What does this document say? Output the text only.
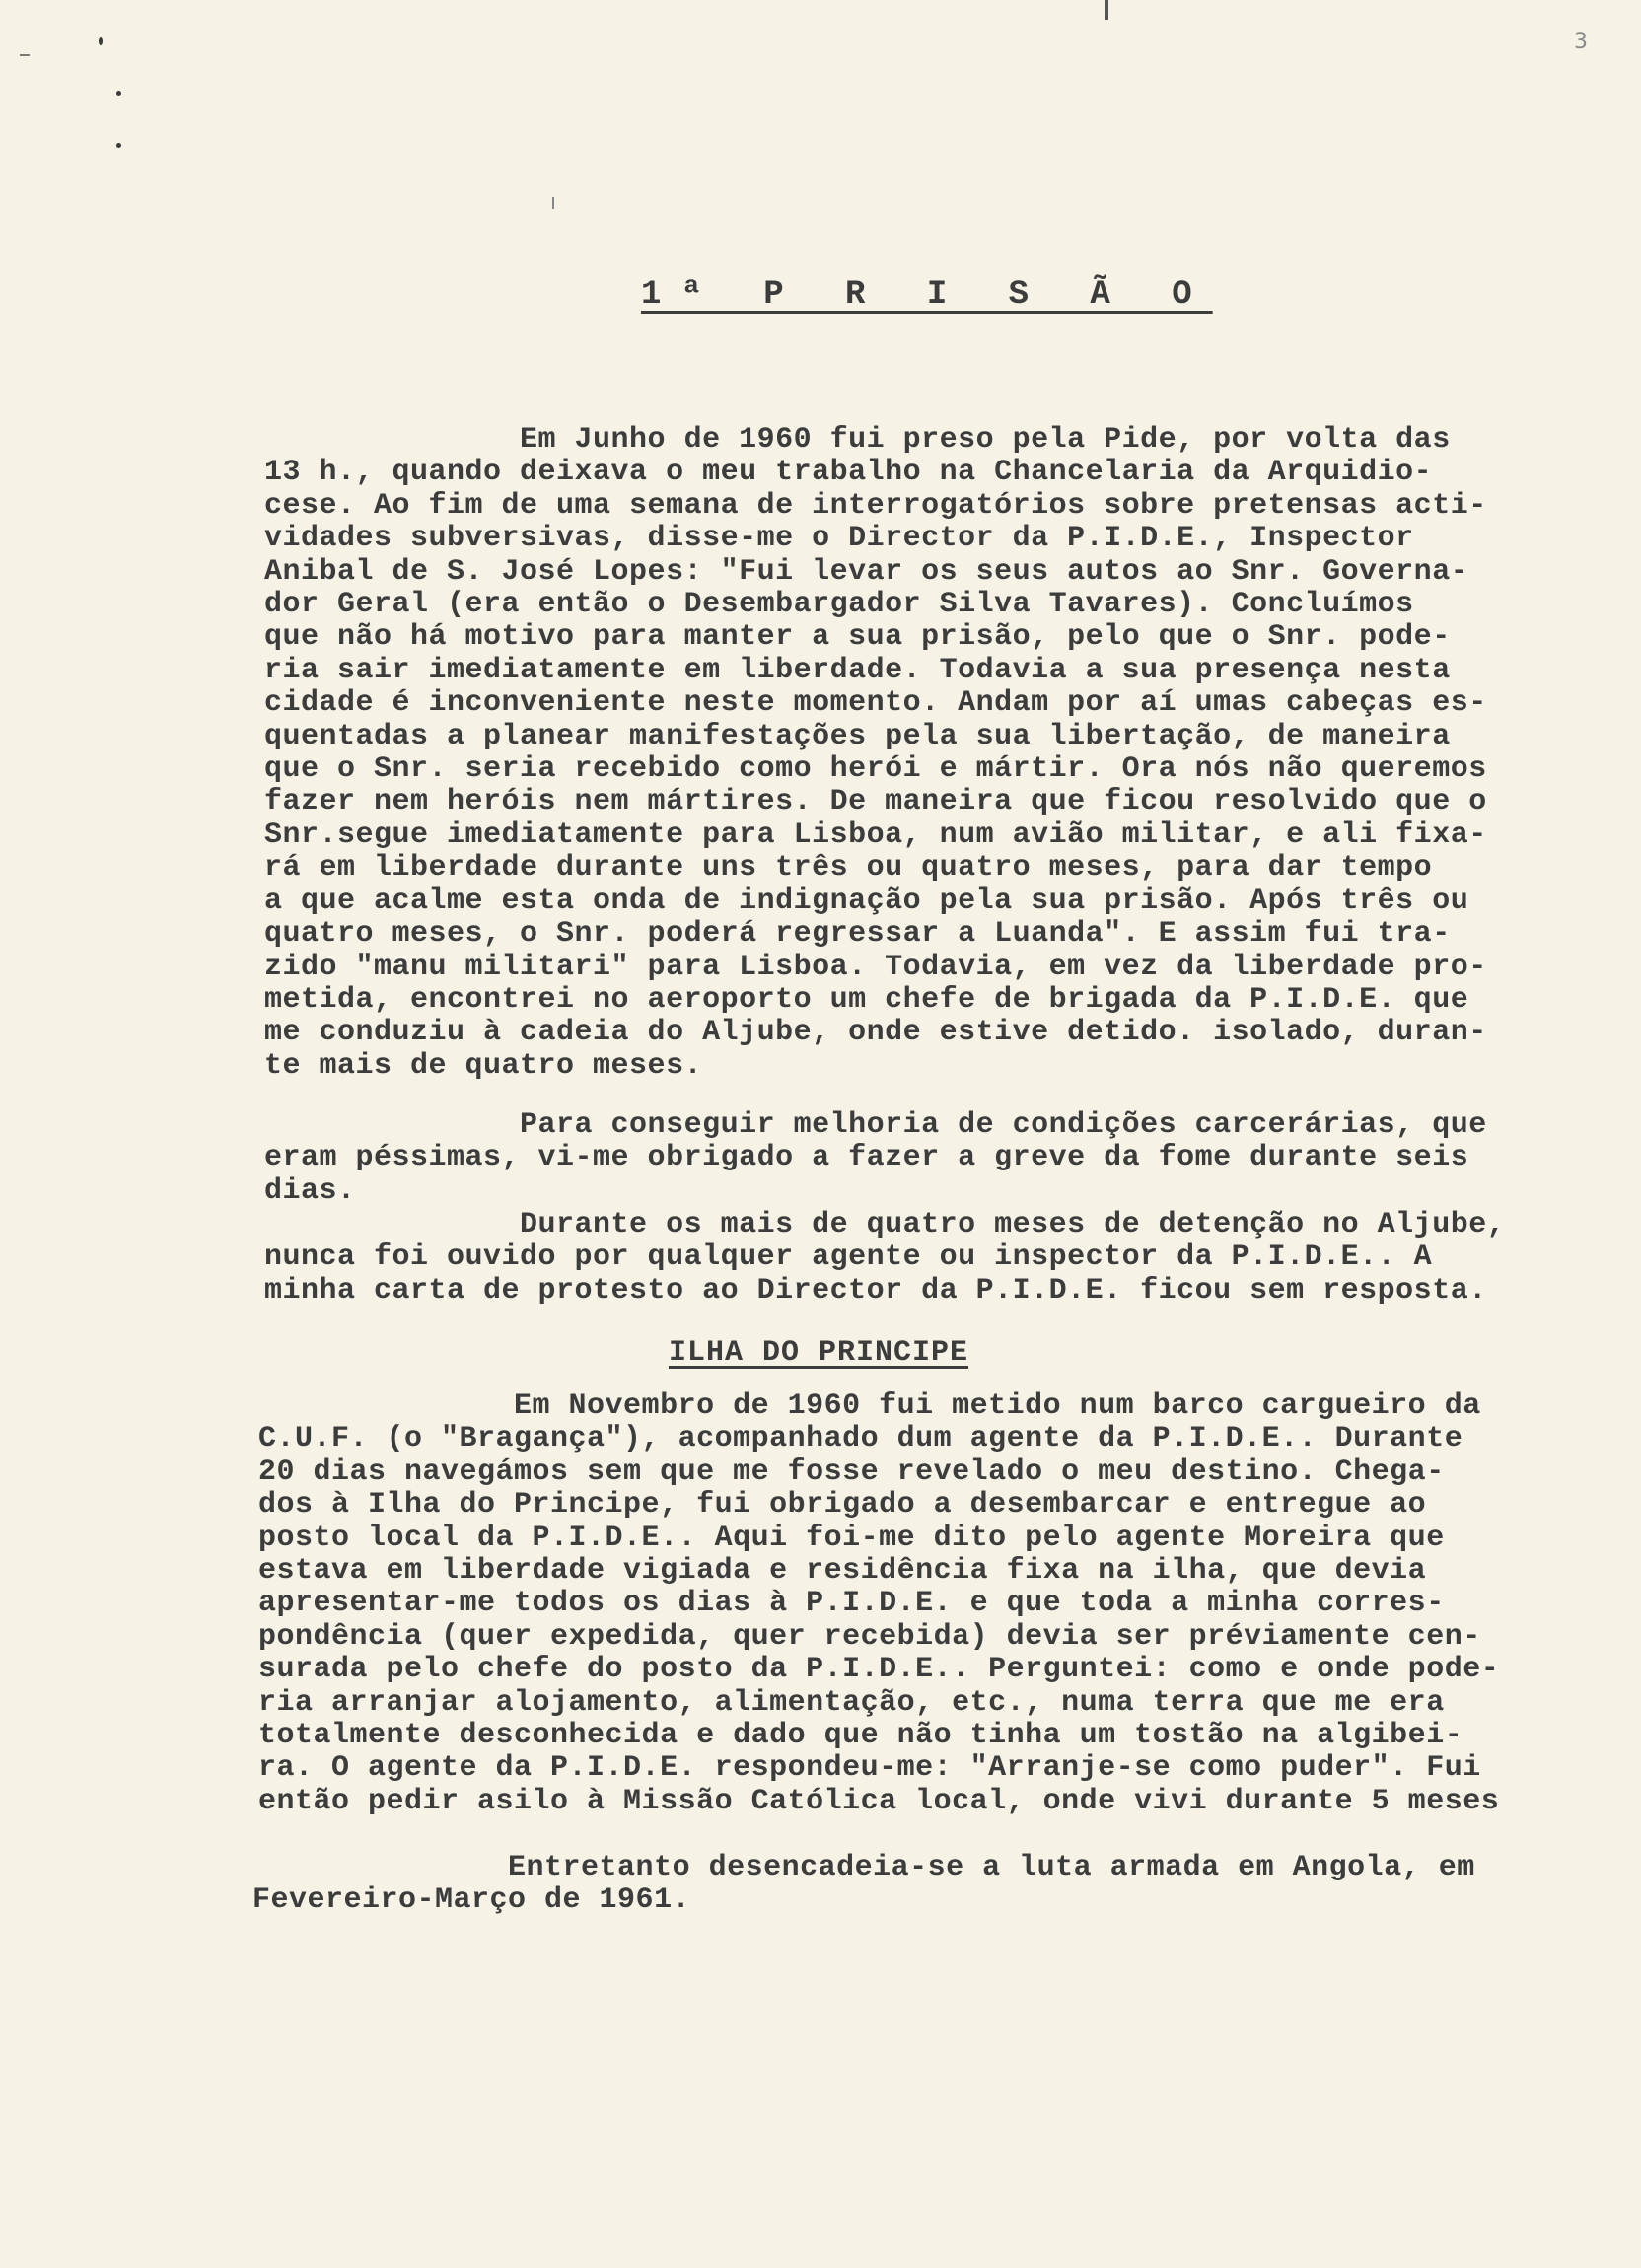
3
1ª P R I S Ã O

Em Junho de 1960 fui preso pela Pide, por volta das
13 h., quando deixava o meu trabalho na Chancelaria da Arquidio-
cese. Ao fim de uma semana de interrogatórios sobre pretensas acti-
vidades subversivas, disse-me o Director da P.I.D.E., Inspector
Anibal de S. José Lopes: "Fui levar os seus autos ao Snr. Governa-
dor Geral (era então o Desembargador Silva Tavares). Concluímos
que não há motivo para manter a sua prisão, pelo que o Snr. pode-
ria sair imediatamente em liberdade. Todavia a sua presença nesta
cidade é inconveniente neste momento. Andam por aí umas cabeças es-
quentadas a planear manifestações pela sua libertação, de maneira
que o Snr. seria recebido como herói e mártir. Ora nós não queremos
fazer nem heróis nem mártires. De maneira que ficou resolvido que o
Snr.segue imediatamente para Lisboa, num avião militar, e ali fixa-
rá em liberdade durante uns três ou quatro meses, para dar tempo
a que acalme esta onda de indignação pela sua prisão. Após três ou
quatro meses, o Snr. poderá regressar a Luanda". E assim fui tra-
zido "manu militari" para Lisboa. Todavia, em vez da liberdade pro-
metida, encontrei no aeroporto um chefe de brigada da P.I.D.E. que
me conduziu à cadeia do Aljube, onde estive detido. isolado, duran-
te mais de quatro meses.

Para conseguir melhoria de condições carcerárias, que
eram péssimas, vi-me obrigado a fazer a greve da fome durante seis
dias.

Durante os mais de quatro meses de detenção no Aljube,
nunca foi ouvido por qualquer agente ou inspector da P.I.D.E.. A
minha carta de protesto ao Director da P.I.D.E. ficou sem resposta.

ILHA DO PRINCIPE

Em Novembro de 1960 fui metido num barco cargueiro da
C.U.F. (o "Bragança"), acompanhado dum agente da P.I.D.E.. Durante
20 dias navegámos sem que me fosse revelado o meu destino. Chega-
dos à Ilha do Principe, fui obrigado a desembarcar e entregue ao
posto local da P.I.D.E.. Aqui foi-me dito pelo agente Moreira que
estava em liberdade vigiada e residência fixa na ilha, que devia
apresentar-me todos os dias à P.I.D.E. e que toda a minha corres-
pondência (quer expedida, quer recebida) devia ser préviamente cen-
surada pelo chefe do posto da P.I.D.E.. Perguntei: como e onde pode-
ria arranjar alojamento, alimentação, etc., numa terra que me era
totalmente desconhecida e dado que não tinha um tostão na algibei-
ra. O agente da P.I.D.E. respondeu-me: "Arranje-se como puder". Fui
então pedir asilo à Missão Católica local, onde vivi durante 5 meses

Entretanto desencadeia-se a luta armada em Angola, em
Fevereiro-Março de 1961.
